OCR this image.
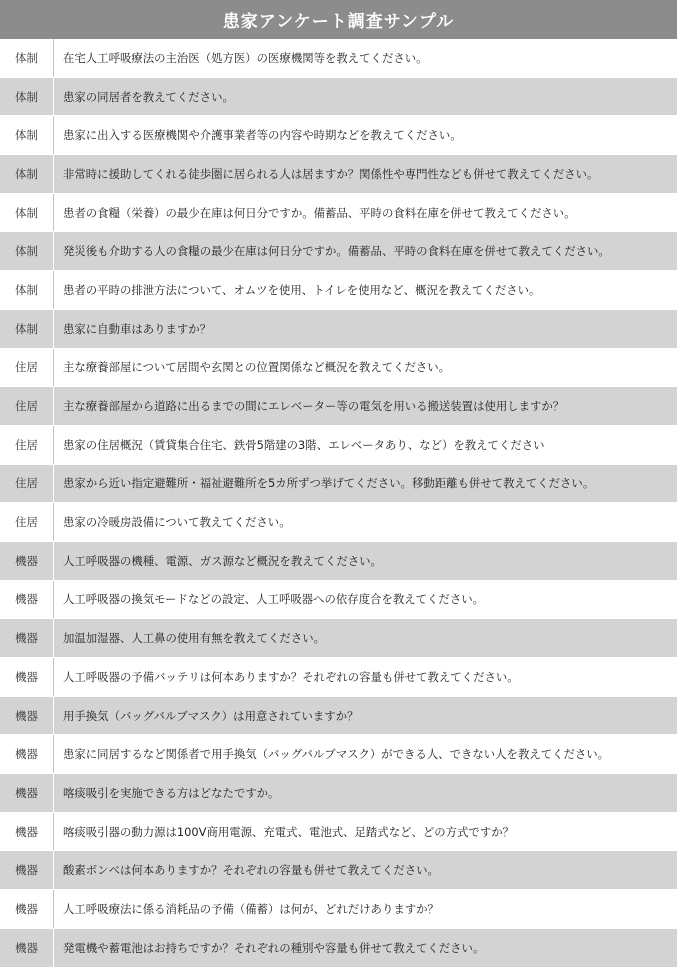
患家アンケート調査サンプル
体制	在宅人工呼吸療法の主治医（処方医）の医療機関等を教えてください。
体制	患家の同居者を教えてください。
体制	患家に出入する医療機関や介護事業者等の内容や時期などを教えてください。
体制	非常時に援助してくれる徒歩圏に居られる人は居ますか？関係性や専門性なども併せて教えてください。
体制	患者の食糧（栄養）の最少在庫は何日分ですか。備蓄品、平時の食料在庫を併せて教えてください。
体制	発災後も介助する人の食糧の最少在庫は何日分ですか。備蓄品、平時の食料在庫を併せて教えてください。
体制	患者の平時の排泄方法について、オムツを使用、トイレを使用など、概況を教えてください。
体制	患家に自動車はありますか？
住居	主な療養部屋について居間や玄関との位置関係など概況を教えてください。
住居	主な療養部屋から道路に出るまでの間にエレベーター等の電気を用いる搬送装置は使用しますか？
住居	患家の住居概況（賃貸集合住宅、鉄骨5階建の3階、エレベータあり、など）を教えてください
住居	患家から近い指定避難所・福祉避難所を5カ所ずつ挙げてください。移動距離も併せて教えてください。
住居	患家の冷暖房設備について教えてください。
機器	人工呼吸器の機種、電源、ガス源など概況を教えてください。
機器	人工呼吸器の換気モードなどの設定、人工呼吸器への依存度合を教えてください。
機器	加温加湿器、人工鼻の使用有無を教えてください。
機器	人工呼吸器の予備バッテリは何本ありますか？それぞれの容量も併せて教えてください。
機器	用手換気（バッグバルブマスク）は用意されていますか？
機器	患家に同居するなど関係者で用手換気（バッグバルブマスク）ができる人、できない人を教えてください。
機器	喀痰吸引を実施できる方はどなたですか。
機器	喀痰吸引器の動力源は100V商用電源、充電式、電池式、足踏式など、どの方式ですか？
機器	酸素ボンベは何本ありますか？それぞれの容量も併せて教えてください。
機器	人工呼吸療法に係る消耗品の予備（備蓄）は何が、どれだけありますか？
機器	発電機や蓄電池はお持ちですか？それぞれの種別や容量も併せて教えてください。
